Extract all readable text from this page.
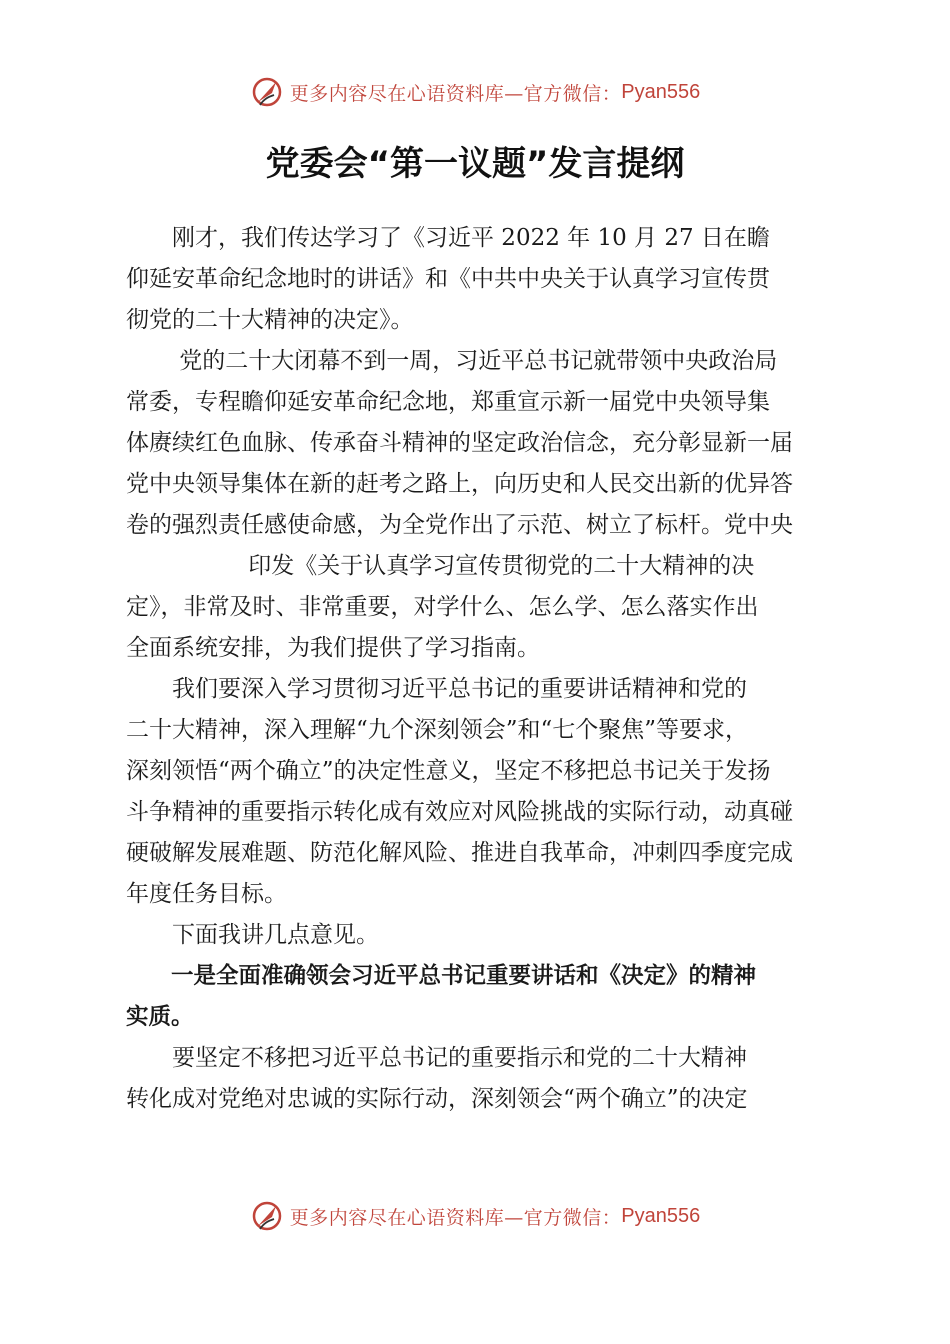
更多内容尽在心语资料库—官方微信： Pyan556
党委会“第一议题”发言提纲
　　刚才，我们传达学习了《习近平 2022 年 10 月 27 日在瞻
仰延安革命纪念地时的讲话》和《中共中央关于认真学习宣传贯
彻党的二十大精神的决定》。
　　 党的二十大闭幕不到一周，习近平总书记就带领中央政治局
常委，专程瞻仰延安革命纪念地，郑重宣示新一届党中央领导集
体赓续红色血脉、传承奋斗精神的坚定政治信念，充分彰显新一届
党中央领导集体在新的赶考之路上，向历史和人民交出新的优异答
卷的强烈责任感使命感，为全党作出了示范、树立了标杆。党中央
　　　　　 印发《关于认真学习宣传贯彻党的二十大精神的决
定》，非常及时、非常重要，对学什么、怎么学、怎么落实作出
全面系统安排，为我们提供了学习指南。
　　我们要深入学习贯彻习近平总书记的重要讲话精神和党的
二十大精神，深入理解“九个深刻领会”和“七个聚焦”等要求，
深刻领悟“两个确立”的决定性意义，坚定不移把总书记关于发扬
斗争精神的重要指示转化成有效应对风险挑战的实际行动，动真碰
硬破解发展难题、防范化解风险、推进自我革命，冲刺四季度完成
年度任务目标。
　　下面我讲几点意见。
　　一是全面准确领会习近平总书记重要讲话和《决定》的精神
实质。
　　要坚定不移把习近平总书记的重要指示和党的二十大精神
转化成对党绝对忠诚的实际行动，深刻领会“两个确立”的决定
更多内容尽在心语资料库—官方微信： Pyan556
